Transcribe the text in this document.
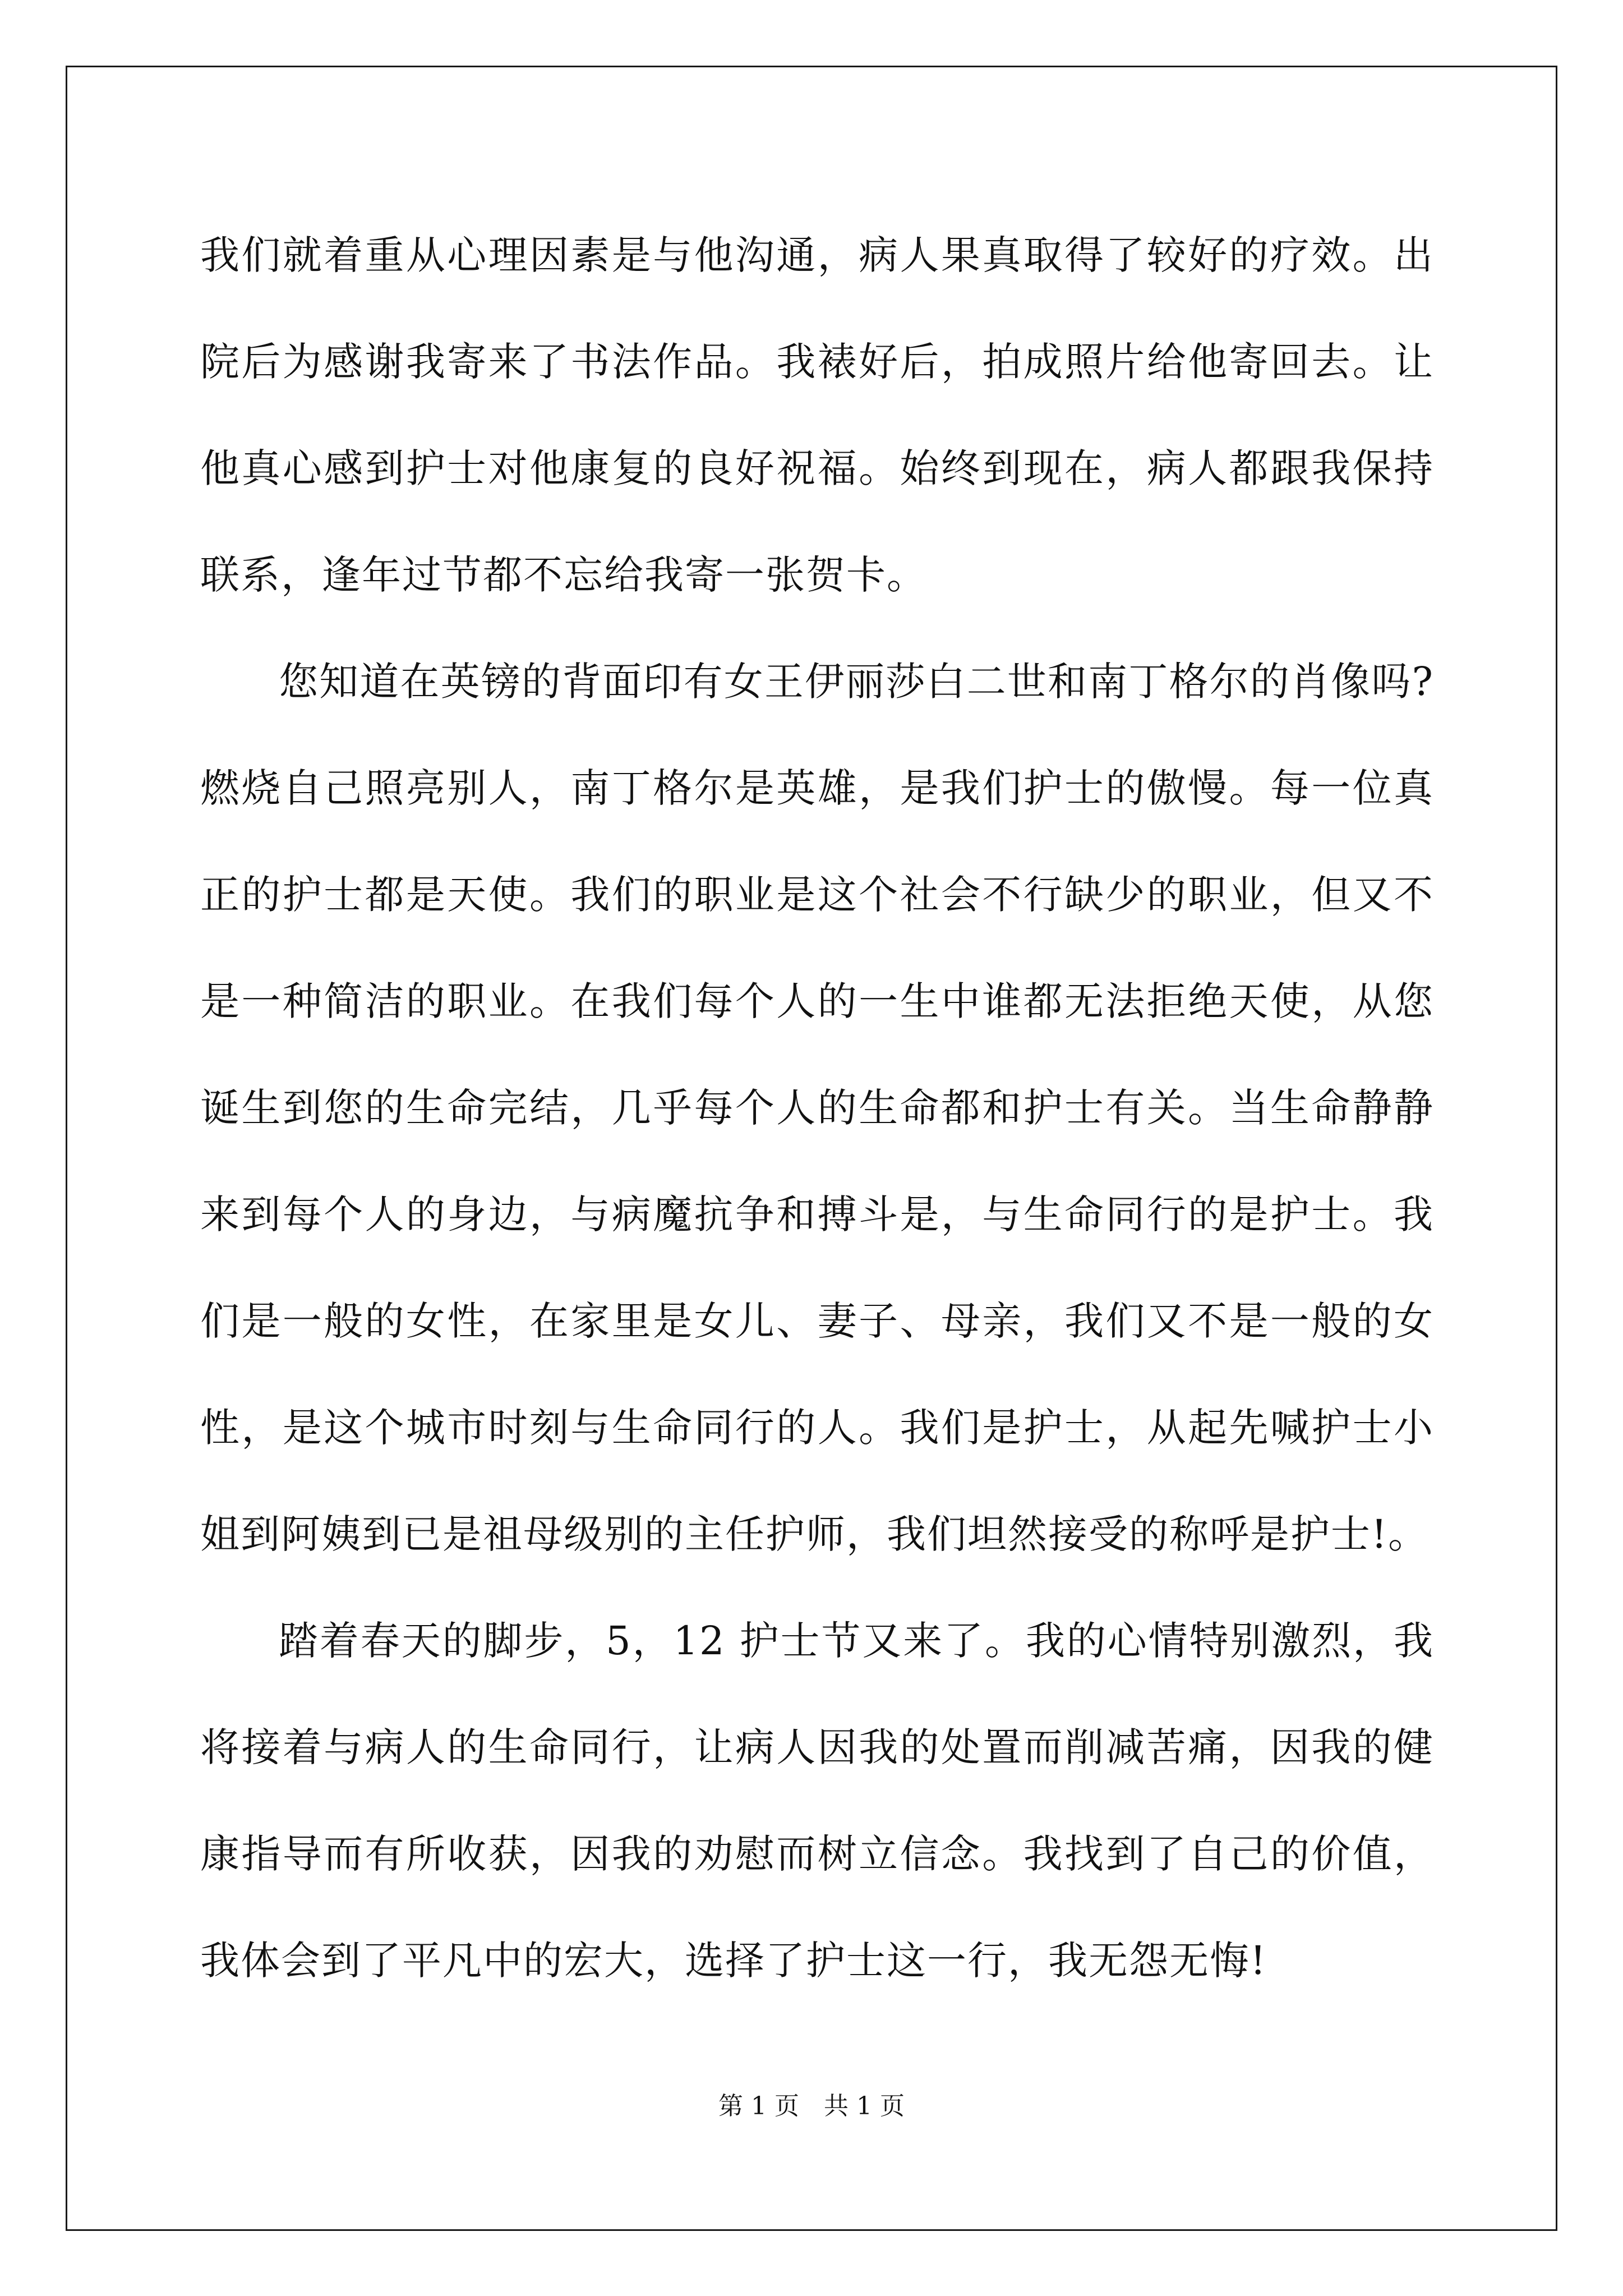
我们就着重从心理因素是与他沟通，病人果真取得了较好的疗效。出院后为感谢我寄来了书法作品。我裱好后，拍成照片给他寄回去。让他真心感到护士对他康复的良好祝福。始终到现在，病人都跟我保持联系，逢年过节都不忘给我寄一张贺卡。

您知道在英镑的背面印有女王伊丽莎白二世和南丁格尔的肖像吗?燃烧自己照亮别人，南丁格尔是英雄，是我们护士的傲慢。每一位真正的护士都是天使。我们的职业是这个社会不行缺少的职业，但又不是一种简洁的职业。在我们每个人的一生中谁都无法拒绝天使，从您诞生到您的生命完结，几乎每个人的生命都和护士有关。当生命静静来到每个人的身边，与病魔抗争和搏斗是，与生命同行的是护士。我们是一般的女性，在家里是女儿、妻子、母亲，我们又不是一般的女性，是这个城市时刻与生命同行的人。我们是护士，从起先喊护士小姐到阿姨到已是祖母级别的主任护师，我们坦然接受的称呼是护士!。

踏着春天的脚步，5，12 护士节又来了。我的心情特别激烈，我将接着与病人的生命同行，让病人因我的处置而削减苦痛，因我的健康指导而有所收获，因我的劝慰而树立信念。我找到了自己的价值，我体会到了平凡中的宏大，选择了护士这一行，我无怨无悔!

第 1 页　共 1 页
